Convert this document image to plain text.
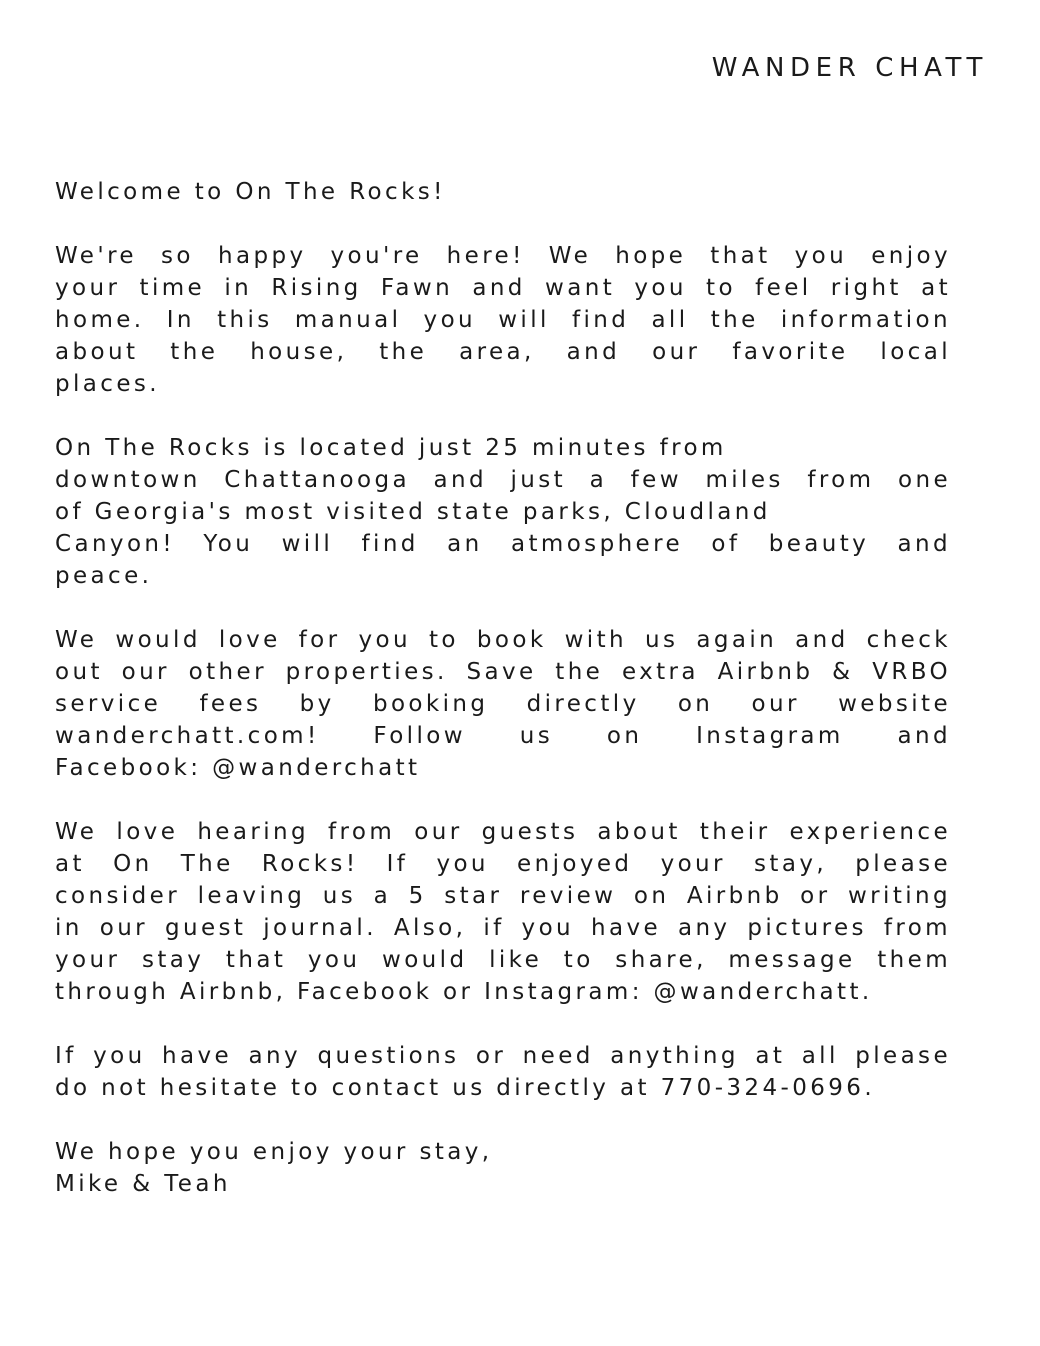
WANDER CHATT
Welcome to On The Rocks!
We're so happy you're here! We hope that you enjoy
your time in Rising Fawn and want you to feel right at
home. In this manual you will find all the information
about the house, the area, and our favorite local
places.
On The Rocks is located just 25 minutes from
downtown Chattanooga and just a few miles from one
of Georgia's most visited state parks, Cloudland
Canyon! You will find an atmosphere of beauty and
peace.
We would love for you to book with us again and check
out our other properties. Save the extra Airbnb & VRBO
service fees by booking directly on our website
wanderchatt.com! Follow us on Instagram and
Facebook: @wanderchatt
We love hearing from our guests about their experience
at On The Rocks! If you enjoyed your stay, please
consider leaving us a 5 star review on Airbnb or writing
in our guest journal. Also, if you have any pictures from
your stay that you would like to share, message them
through Airbnb, Facebook or Instagram: @wanderchatt.
If you have any questions or need anything at all please
do not hesitate to contact us directly at 770-324-0696.
We hope you enjoy your stay,
Mike & Teah
